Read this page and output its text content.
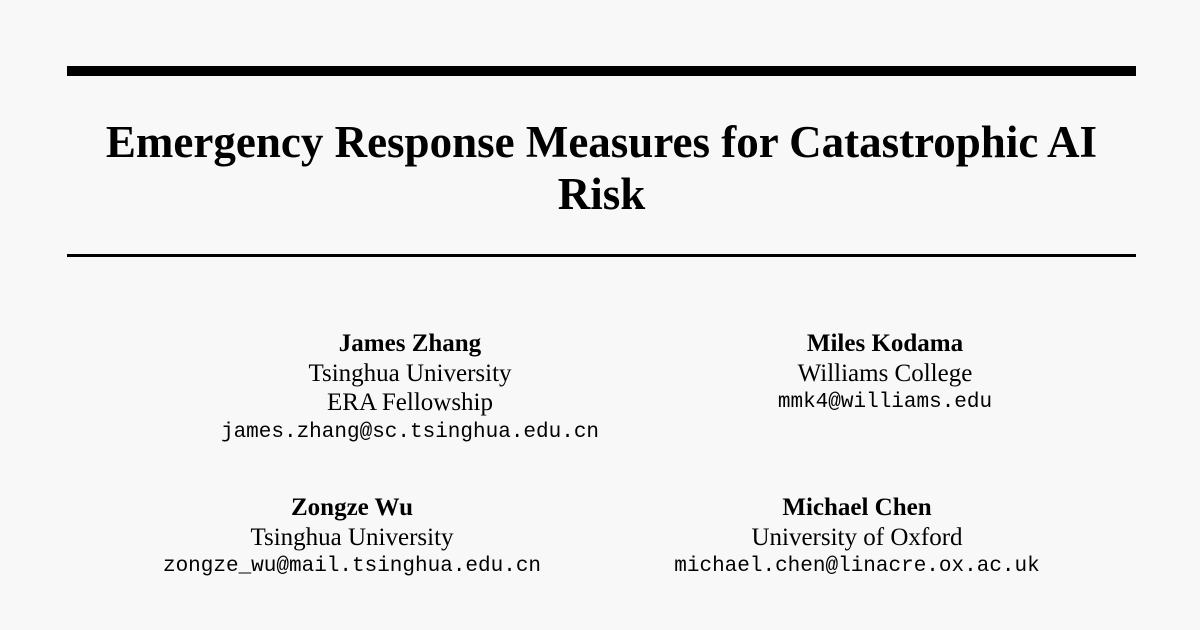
Emergency Response Measures for Catastrophic AI Risk
James Zhang
Tsinghua University
ERA Fellowship
james.zhang@sc.tsinghua.edu.cn
Miles Kodama
Williams College
mmk4@williams.edu
Zongze Wu
Tsinghua University
zongze_wu@mail.tsinghua.edu.cn
Michael Chen
University of Oxford
michael.chen@linacre.ox.ac.uk
